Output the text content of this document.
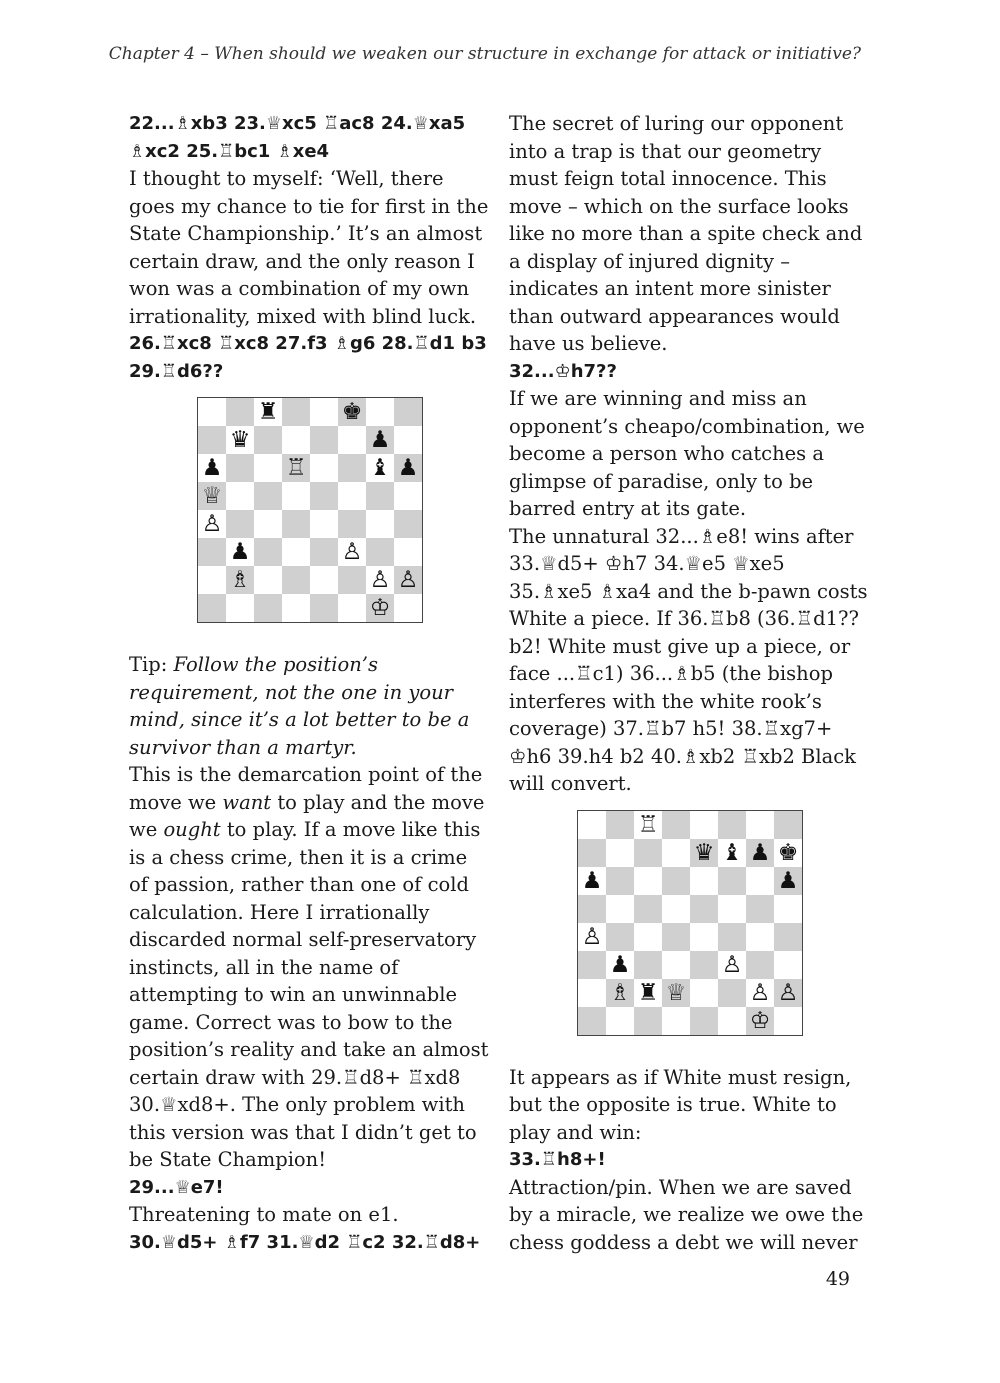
Chapter 4 – When should we weaken our structure in exchange for attack or initiative?

22...♗xb3 23.♕xc5 ♖ac8 24.♕xa5 ♗xc2 25.♖bc1 ♗xe4

I thought to myself: ‘Well, there goes my chance to tie for first in the State Championship.’ It’s an almost certain draw, and the only reason I won was a combination of my own irrationality, mixed with blind luck.

26.♖xc8 ♖xc8 27.f3 ♗g6 28.♖d1 b3 29.♖d6??

♜	♚
♛	♟
♟	♖	♝ ♟
♕
♙
♟	♙
♗	♙ ♙
♔

Tip: Follow the position’s requirement, not the one in your mind, since it’s a lot better to be a survivor than a martyr.

This is the demarcation point of the move we want to play and the move we ought to play. If a move like this is a chess crime, then it is a crime of passion, rather than one of cold calculation. Here I irrationally discarded normal self-preservatory instincts, all in the name of attempting to win an unwinnable game. Correct was to bow to the position’s reality and take an almost certain draw with 29.♖d8+ ♖xd8 30.♕xd8+. The only problem with this version was that I didn’t get to be State Champion!

29...♕e7!

Threatening to mate on e1.

30.♕d5+ ♗f7 31.♕d2 ♖c2 32.♖d8+

The secret of luring our opponent into a trap is that our geometry must feign total innocence. This move – which on the surface looks like no more than a spite check and a display of injured dignity – indicates an intent more sinister than outward appearances would have us believe.

32...♔h7??

If we are winning and miss an opponent’s cheapo/combination, we become a person who catches a glimpse of paradise, only to be barred entry at its gate.

The unnatural 32...♗e8! wins after 33.♕d5+ ♔h7 34.♕e5 ♕xe5 35.♗xe5 ♗xa4 and the b-pawn costs White a piece. If 36.♖b8 (36.♖d1?? b2! White must give up a piece, or face ...♖c1) 36...♗b5 (the bishop interferes with the white rook’s coverage) 37.♖b7 h5! 38.♖xg7+ ♔h6 39.h4 b2 40.♗xb2 ♖xb2 Black will convert.

♖
♛ ♝ ♟ ♚
♟	♟
♙
♟	♙
♗ ♜ ♕	♙ ♙
♔

It appears as if White must resign, but the opposite is true. White to play and win:

33.♖h8+!

Attraction/pin. When we are saved by a miracle, we realize we owe the chess goddess a debt we will never

49
